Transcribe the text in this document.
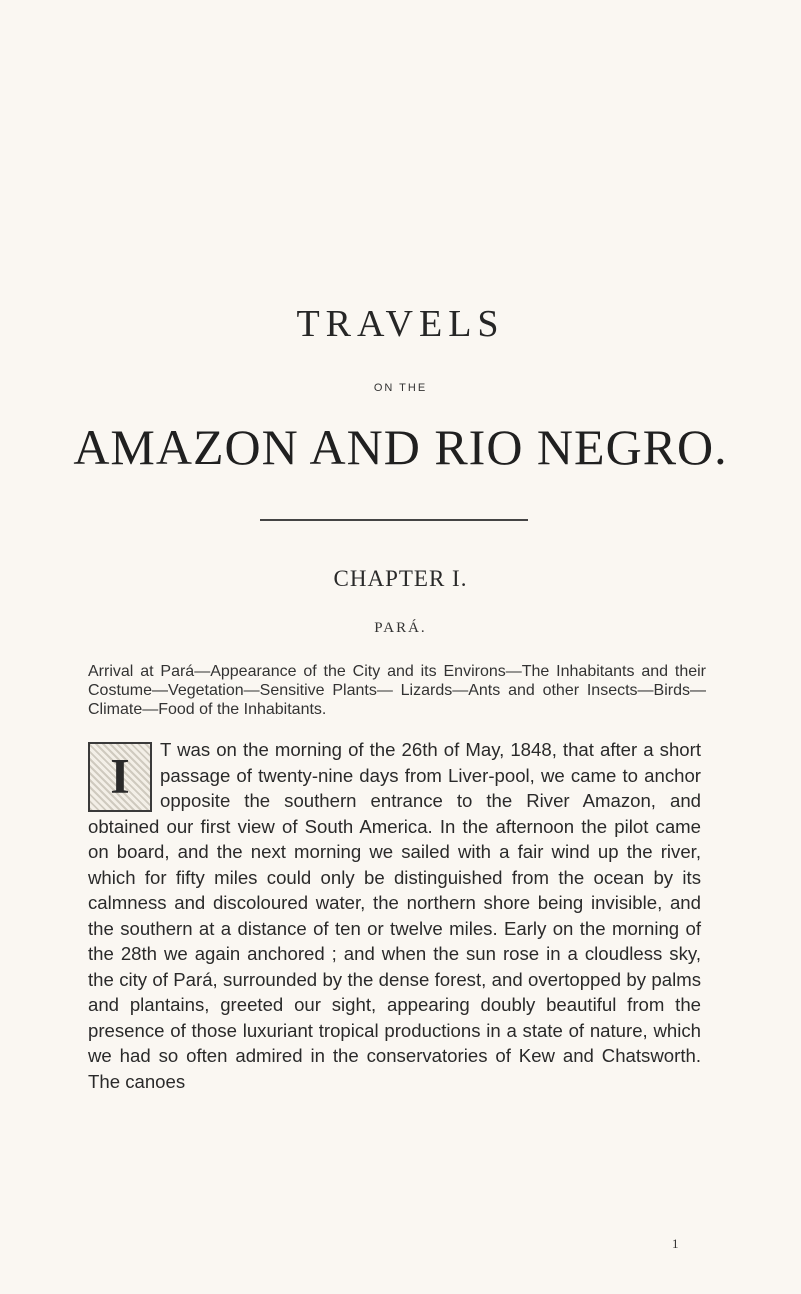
TRAVELS
ON THE
AMAZON AND RIO NEGRO.
CHAPTER I.
PARÁ.
Arrival at Pará—Appearance of the City and its Environs—The Inhabitants and their Costume—Vegetation—Sensitive Plants— Lizards—Ants and other Insects—Birds—Climate—Food of the Inhabitants.
I T was on the morning of the 26th of May, 1848, that after a short passage of twenty-nine days from Liver-pool, we came to anchor opposite the southern entrance to the River Amazon, and obtained our first view of South America. In the afternoon the pilot came on board, and the next morning we sailed with a fair wind up the river, which for fifty miles could only be distinguished from the ocean by its calmness and discoloured water, the northern shore being invisible, and the southern at a distance of ten or twelve miles. Early on the morning of the 28th we again anchored ; and when the sun rose in a cloudless sky, the city of Pará, surrounded by the dense forest, and overtopped by palms and plantains, greeted our sight, appearing doubly beautiful from the presence of those luxuriant tropical productions in a state of nature, which we had so often admired in the conservatories of Kew and Chatsworth. The canoes
1
